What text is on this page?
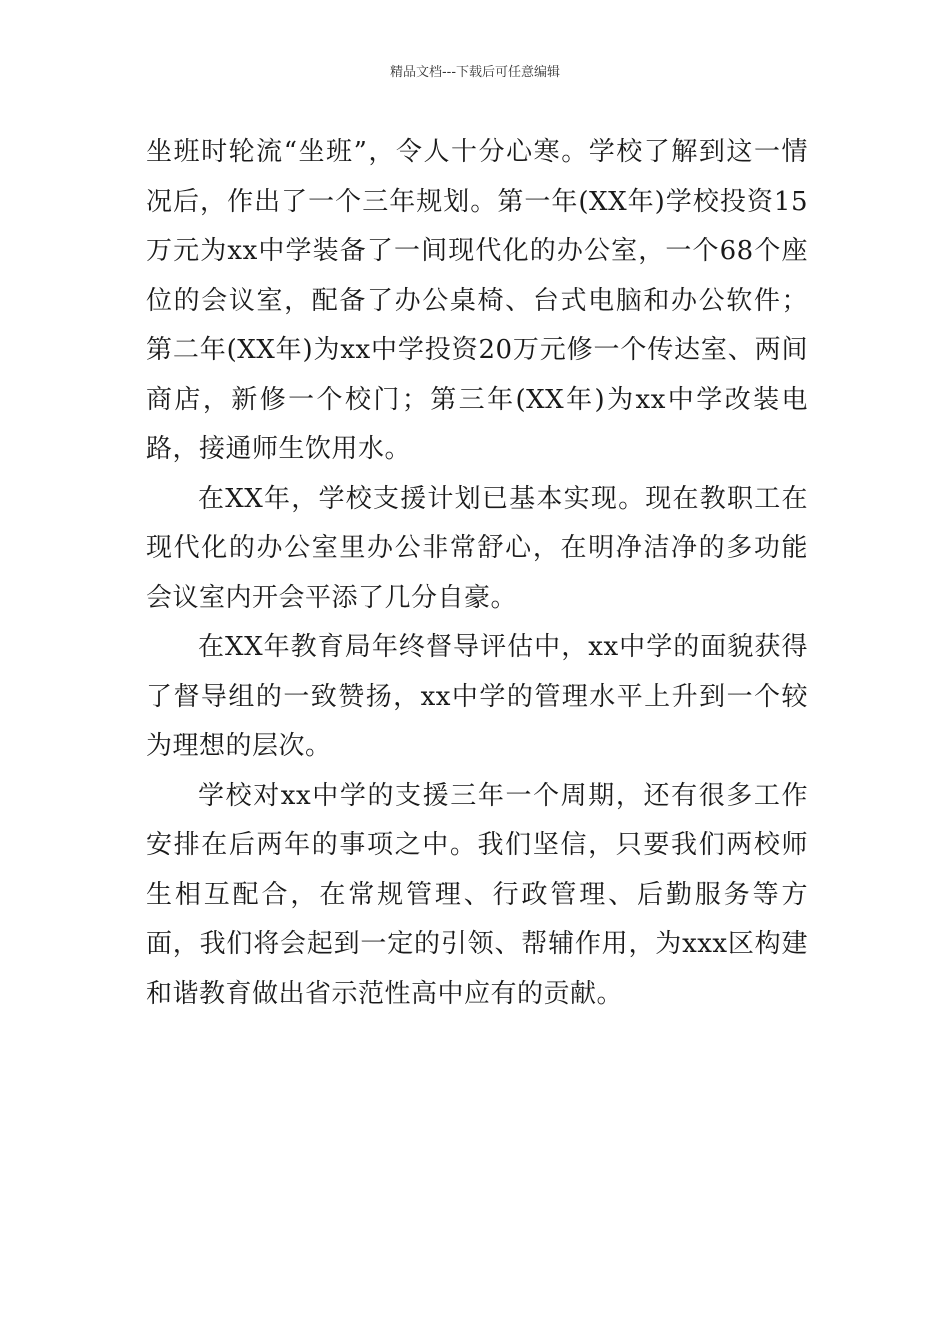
精品文档---下载后可任意编辑

坐班时轮流“坐班”，令人十分心寒。学校了解到这一情况后，作出了一个三年规划。第一年(XX年)学校投资15万元为xx中学装备了一间现代化的办公室，一个68个座位的会议室，配备了办公桌椅、台式电脑和办公软件；第二年(XX年)为xx中学投资20万元修一个传达室、两间商店，新修一个校门；第三年(XX年)为xx中学改装电路，接通师生饮用水。

在XX年，学校支援计划已基本实现。现在教职工在现代化的办公室里办公非常舒心，在明净洁净的多功能会议室内开会平添了几分自豪。

在XX年教育局年终督导评估中，xx中学的面貌获得了督导组的一致赞扬，xx中学的管理水平上升到一个较为理想的层次。

学校对xx中学的支援三年一个周期，还有很多工作安排在后两年的事项之中。我们坚信，只要我们两校师生相互配合，在常规管理、行政管理、后勤服务等方面，我们将会起到一定的引领、帮辅作用，为xxx区构建和谐教育做出省示范性高中应有的贡献。
